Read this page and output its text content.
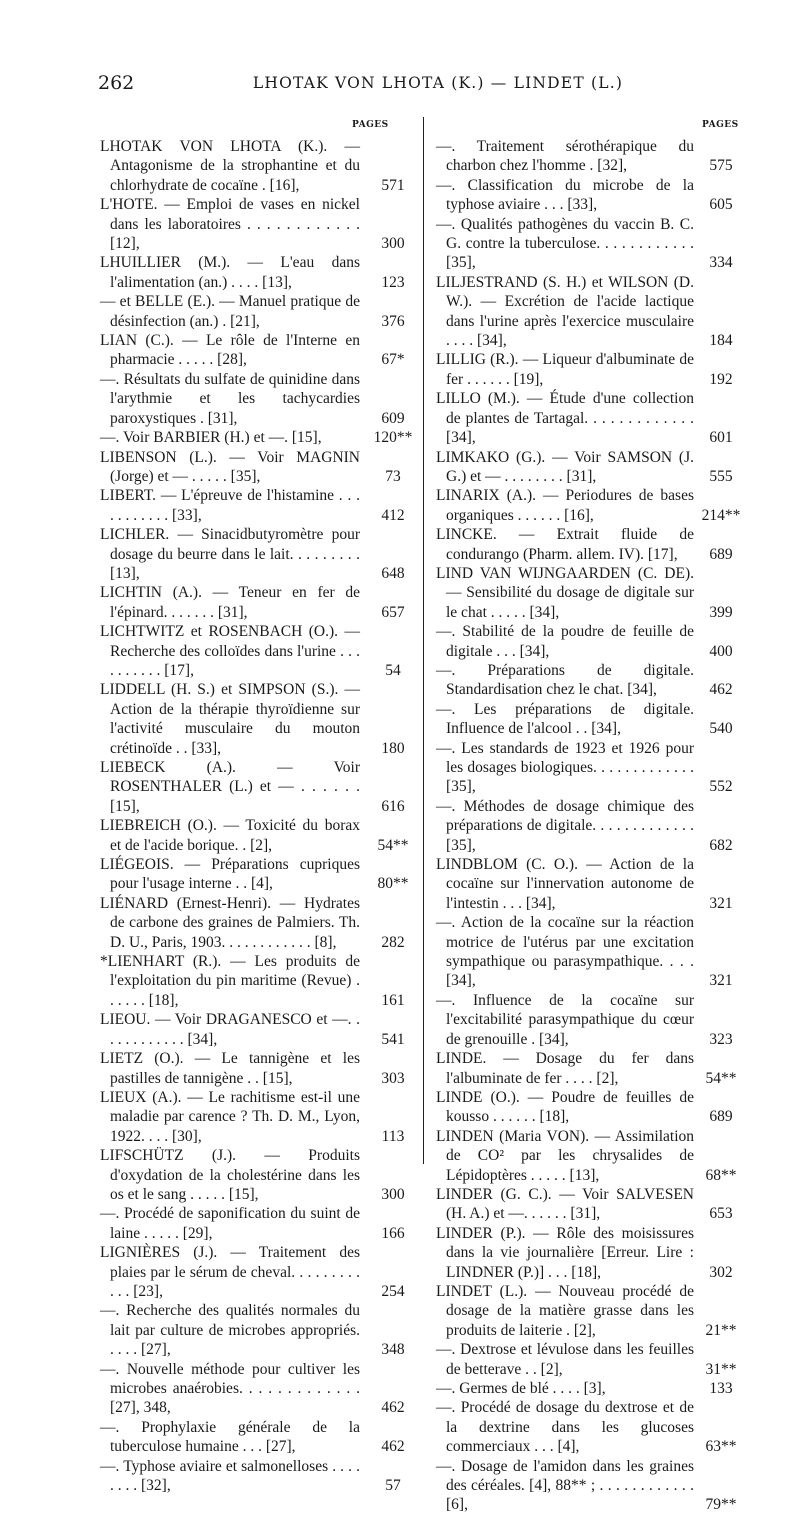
262	LHOTAK VON LHOTA (K.) — LINDET (L.)
PAGES	PAGES
LHOTAK VON LHOTA (K.). — Antagonisme de la strophantine et du chlorhydrate de cocaïne . [16],	571
L'HOTE. — Emploi de vases en nickel dans les laboratoires . . . . . . . . . . . . [12],	300
LHUILLIER (M.). — L'eau dans l'alimentation (an.) . . . . [13],	123
— et BELLE (E.). — Manuel pratique de désinfection (an.) . [21],	376
LIAN (C.). — Le rôle de l'Interne en pharmacie . . . . . [28],	67*
—. Résultats du sulfate de quinidine dans l'arythmie et les tachycardies paroxystiques . [31],	609
—. Voir BARBIER (H.) et —. [15],	120**
LIBENSON (L.). — Voir MAGNIN (Jorge) et — . . . . . [35],	73
LIBERT. — L'épreuve de l'histamine . . . . . . . . . . . [33],	412
LICHLER. — Sinacidbutyromètre pour dosage du beurre dans le lait. . . . . . . . . [13],	648
LICHTIN (A.). — Teneur en fer de l'épinard. . . . . . . [31],	657
LICHTWITZ et ROSENBACH (O.). — Recherche des colloïdes dans l'urine . . . . . . . . . . [17],	54
LIDDELL (H. S.) et SIMPSON (S.). — Action de la thérapie thyroïdienne sur l'activité musculaire du mouton crétinoïde . . [33],	180
LIEBECK (A.). — Voir ROSENTHALER (L.) et — . . . . . . [15],	616
LIEBREICH (O.). — Toxicité du borax et de l'acide borique. . [2],	54**
LIÉGEOIS. — Préparations cupriques pour l'usage interne . . [4],	80**
LIÉNARD (Ernest-Henri). — Hydrates de carbone des graines de Palmiers. Th. D. U., Paris, 1903. . . . . . . . . . . . [8],	282
*LIENHART (R.). — Les produits de l'exploitation du pin maritime (Revue) . . . . . . [18],	161
LIEOU. — Voir DRAGANESCO et —. . . . . . . . . . . . [34],	541
LIETZ (O.). — Le tannigène et les pastilles de tannigène . . [15],	303
LIEUX (A.). — Le rachitisme est-il une maladie par carence ? Th. D. M., Lyon, 1922. . . . [30],	113
LIFSCHÜTZ (J.). — Produits d'oxydation de la cholestérine dans les os et le sang . . . . . [15],	300
—. Procédé de saponification du suint de laine . . . . . [29],	166
LIGNIÈRES (J.). — Traitement des plaies par le sérum de cheval. . . . . . . . . . . . [23],	254
—. Recherche des qualités normales du lait par culture de microbes appropriés. . . . . [27],	348
—. Nouvelle méthode pour cultiver les microbes anaérobies. . . . . . . . . . . . . [27], 348,	462
—. Prophylaxie générale de la tuberculose humaine . . . [27],	462
—. Typhose aviaire et salmonelloses . . . . . . . . [32],	57
—. Traitement sérothérapique du charbon chez l'homme . [32],	575
—. Classification du microbe de la typhose aviaire . . . [33],	605
—. Qualités pathogènes du vaccin B. C. G. contre la tuberculose. . . . . . . . . . . . [35],	334
LILJESTRAND (S. H.) et WILSON (D. W.). — Excrétion de l'acide lactique dans l'urine après l'exercice musculaire . . . . [34],	184
LILLIG (R.). — Liqueur d'albuminate de fer . . . . . . [19],	192
LILLO (M.). — Étude d'une collection de plantes de Tartagal. . . . . . . . . . . . . [34],	601
LIMKAKO (G.). — Voir SAMSON (J. G.) et — . . . . . . . . [31],	555
LINARIX (A.). — Periodures de bases organiques . . . . . . [16],	214**
LINCKE. — Extrait fluide de condurango (Pharm. allem. IV). [17],	689
LIND VAN WIJNGAARDEN (C. DE). — Sensibilité du dosage de digitale sur le chat . . . . . [34],	399
—. Stabilité de la poudre de feuille de digitale . . . [34],	400
—. Préparations de digitale. Standardisation chez le chat. [34],	462
—. Les préparations de digitale. Influence de l'alcool . . [34],	540
—. Les standards de 1923 et 1926 pour les dosages biologiques. . . . . . . . . . . . . [35],	552
—. Méthodes de dosage chimique des préparations de digitale. . . . . . . . . . . . . [35],	682
LINDBLOM (C. O.). — Action de la cocaïne sur l'innervation autonome de l'intestin . . . [34],	321
—. Action de la cocaïne sur la réaction motrice de l'utérus par une excitation sympathique ou parasympathique. . . . [34],	321
—. Influence de la cocaïne sur l'excitabilité parasympathique du cœur de grenouille . [34],	323
LINDE. — Dosage du fer dans l'albuminate de fer . . . . [2],	54**
LINDE (O.). — Poudre de feuilles de kousso . . . . . . [18],	689
LINDEN (Maria VON). — Assimilation de CO² par les chrysalides de Lépidoptères . . . . . [13],	68**
LINDER (G. C.). — Voir SALVESEN (H. A.) et —. . . . . . [31],	653
LINDER (P.). — Rôle des moisissures dans la vie journalière [Erreur. Lire : LINDNER (P.)] . . . [18],	302
LINDET (L.). — Nouveau procédé de dosage de la matière grasse dans les produits de laiterie . [2],	21**
—. Dextrose et lévulose dans les feuilles de betterave . . [2],	31**
—. Germes de blé . . . . [3],	133
—. Procédé de dosage du dextrose et de la dextrine dans les glucoses commerciaux . . . [4],	63**
—. Dosage de l'amidon dans les graines des céréales. [4], 88** ; . . . . . . . . . . . . [6],	79**
